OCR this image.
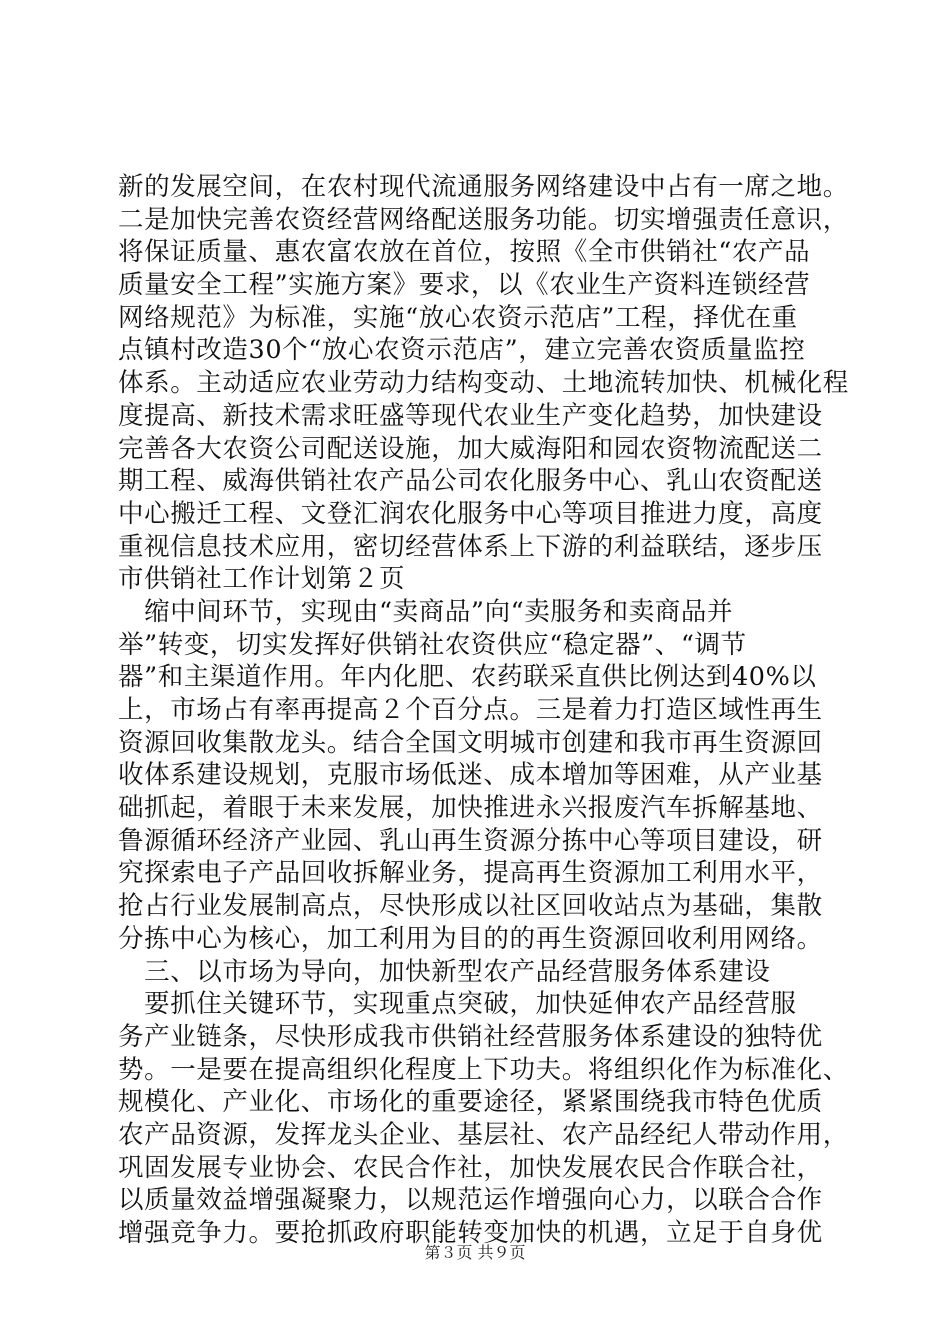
新的发展空间，在农村现代流通服务网络建设中占有一席之地。
二是加快完善农资经营网络配送服务功能。切实增强责任意识，
将保证质量、惠农富农放在首位，按照《全市供销社“农产品
质量安全工程”实施方案》要求，以《农业生产资料连锁经营
网络规范》为标准，实施“放心农资示范店”工程，择优在重
点镇村改造30个“放心农资示范店”，建立完善农资质量监控
体系。主动适应农业劳动力结构变动、土地流转加快、机械化程
度提高、新技术需求旺盛等现代农业生产变化趋势，加快建设
完善各大农资公司配送设施，加大威海阳和园农资物流配送二
期工程、威海供销社农产品公司农化服务中心、乳山农资配送
中心搬迁工程、文登汇润农化服务中心等项目推进力度，高度
重视信息技术应用，密切经营体系上下游的利益联结，逐步压
市供销社工作计划第２页
　缩中间环节，实现由“卖商品”向“卖服务和卖商品并
举”转变，切实发挥好供销社农资供应“稳定器”、“调节
器”和主渠道作用。年内化肥、农药联采直供比例达到40%以
上，市场占有率再提高２个百分点。三是着力打造区域性再生
资源回收集散龙头。结合全国文明城市创建和我市再生资源回
收体系建设规划，克服市场低迷、成本增加等困难，从产业基
础抓起，着眼于未来发展，加快推进永兴报废汽车拆解基地、
鲁源循环经济产业园、乳山再生资源分拣中心等项目建设，研
究探索电子产品回收拆解业务，提高再生资源加工利用水平，
抢占行业发展制高点，尽快形成以社区回收站点为基础，集散
分拣中心为核心，加工利用为目的的再生资源回收利用网络。
　三、以市场为导向，加快新型农产品经营服务体系建设
　要抓住关键环节，实现重点突破，加快延伸农产品经营服
务产业链条，尽快形成我市供销社经营服务体系建设的独特优
势。一是要在提高组织化程度上下功夫。将组织化作为标准化、
规模化、产业化、市场化的重要途径，紧紧围绕我市特色优质
农产品资源，发挥龙头企业、基层社、农产品经纪人带动作用，
巩固发展专业协会、农民合作社，加快发展农民合作联合社，
以质量效益增强凝聚力，以规范运作增强向心力，以联合合作
增强竞争力。要抢抓政府职能转变加快的机遇，立足于自身优
第３页 共９页
